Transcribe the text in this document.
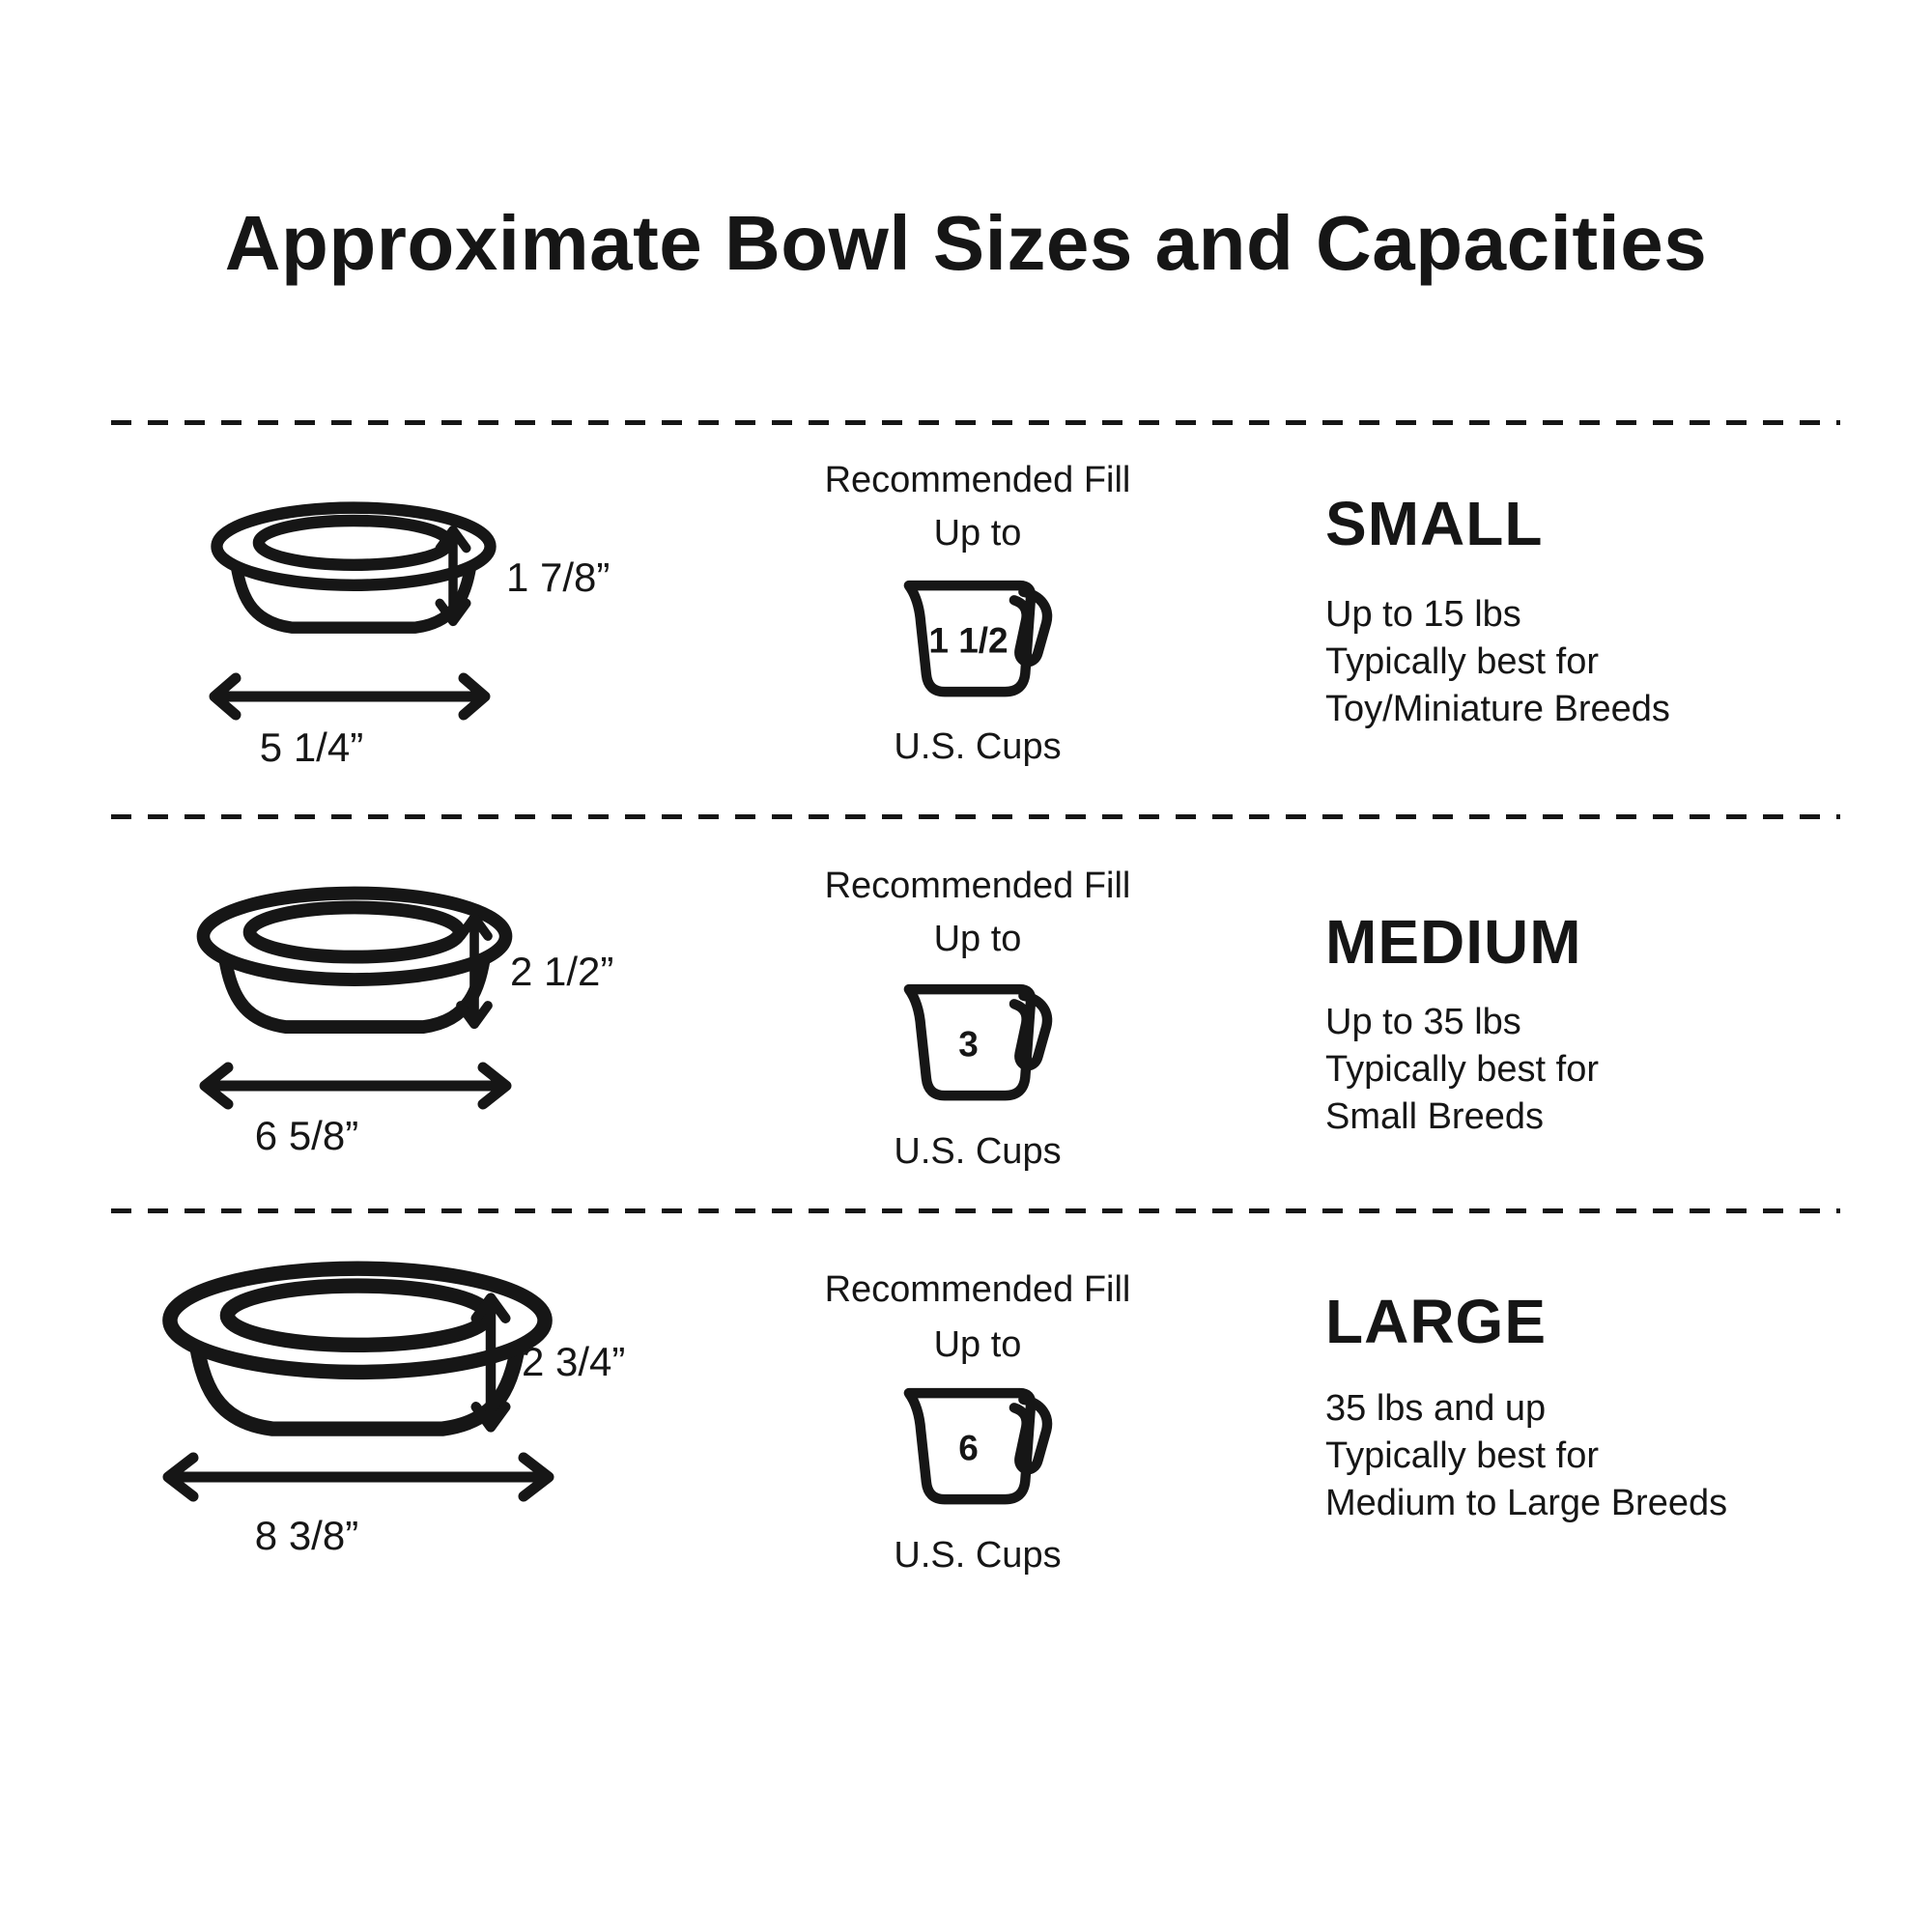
Approximate Bowl Sizes and Capacities
1 7/8”
5 1/4”
Recommended Fill
Up to
1 1/2
U.S. Cups
SMALL
Up to 15 lbs
Typically best for
Toy/Miniature Breeds
2 1/2”
6 5/8”
Recommended Fill
Up to
3
U.S. Cups
MEDIUM
Up to 35 lbs
Typically best for
Small Breeds
2 3/4”
8 3/8”
Recommended Fill
Up to
6
U.S. Cups
LARGE
35 lbs and up
Typically best for
Medium to Large Breeds
